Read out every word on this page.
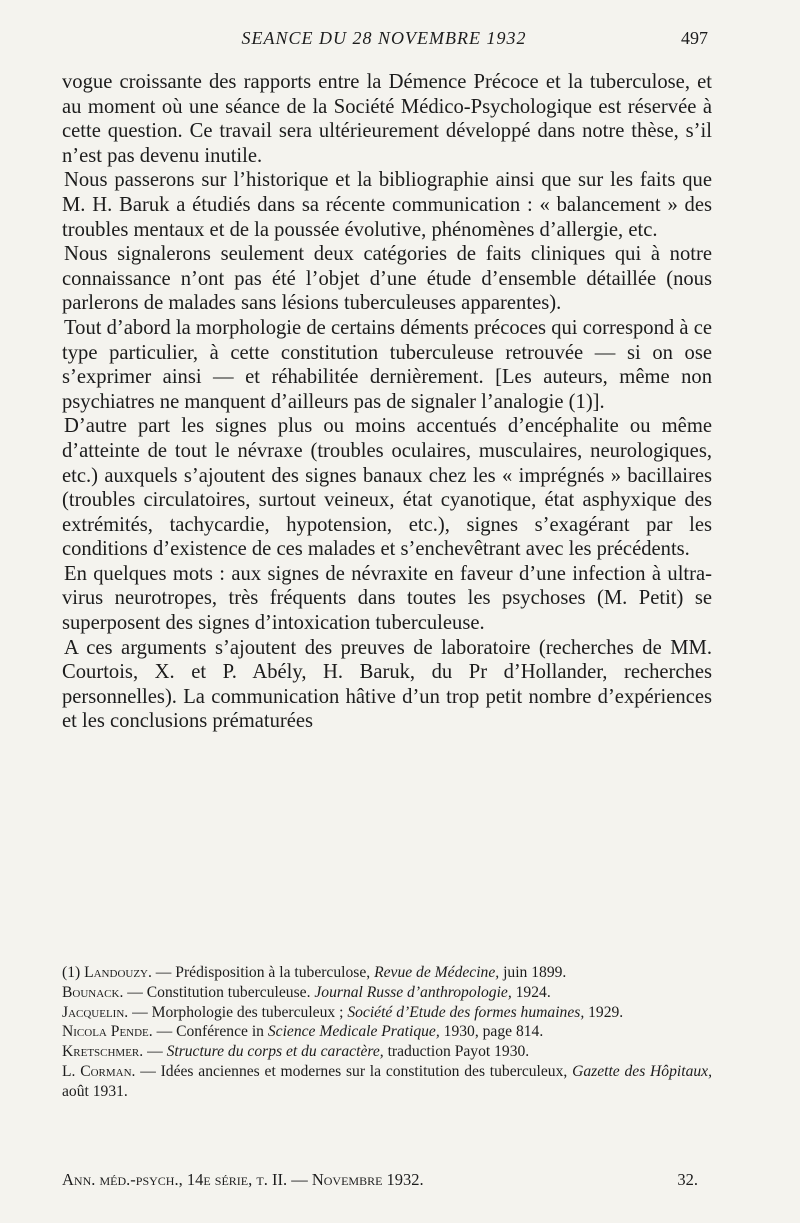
SEANCE DU 28 NOVEMBRE 1932	497

vogue croissante des rapports entre la Démence Précoce et la tuberculose, et au moment où une séance de la Société Médico-Psychologique est réservée à cette question. Ce travail sera ultérieurement développé dans notre thèse, s’il n’est pas devenu inutile.

Nous passerons sur l’historique et la bibliographie ainsi que sur les faits que M. H. Baruk a étudiés dans sa récente communication : « balancement » des troubles mentaux et de la poussée évolutive, phénomènes d’allergie, etc.

Nous signalerons seulement deux catégories de faits cliniques qui à notre connaissance n’ont pas été l’objet d’une étude d’ensemble détaillée (nous parlerons de malades sans lésions tuberculeuses apparentes).

Tout d’abord la morphologie de certains déments précoces qui correspond à ce type particulier, à cette constitution tuberculeuse retrouvée — si on ose s’exprimer ainsi — et réhabilitée dernièrement. [Les auteurs, même non psychiatres ne manquent d’ailleurs pas de signaler l’analogie (1)].

D’autre part les signes plus ou moins accentués d’encéphalite ou même d’atteinte de tout le névraxe (troubles oculaires, musculaires, neurologiques, etc.) auxquels s’ajoutent des signes banaux chez les « imprégnés » bacillaires (troubles circulatoires, surtout veineux, état cyanotique, état asphyxique des extrémités, tachycardie, hypotension, etc.), signes s’exagérant par les conditions d’existence de ces malades et s’enchevêtrant avec les précédents.

En quelques mots : aux signes de névraxite en faveur d’une infection à ultra-virus neurotropes, très fréquents dans toutes les psychoses (M. Petit) se superposent des signes d’intoxication tuberculeuse.

A ces arguments s’ajoutent des preuves de laboratoire (recherches de MM. Courtois, X. et P. Abély, H. Baruk, du Pr d’Hollander, recherches personnelles). La communication hâtive d’un trop petit nombre d’expériences et les conclusions prématurées

(1) Landouzy. — Prédisposition à la tuberculose, Revue de Médecine, juin 1899.

Bounack. — Constitution tuberculeuse. Journal Russe d’anthropologie, 1924.

Jacquelin. — Morphologie des tuberculeux ; Société d’Etude des formes humaines, 1929.

Nicola Pende. — Conférence in Science Medicale Pratique, 1930, page 814.

Kretschmer. — Structure du corps et du caractère, traduction Payot 1930.

L. Corman. — Idées anciennes et modernes sur la constitution des tuberculeux, Gazette des Hôpitaux, août 1931.

Ann. méd.-psych., 14e série, t. II. — Novembre 1932.	32.
